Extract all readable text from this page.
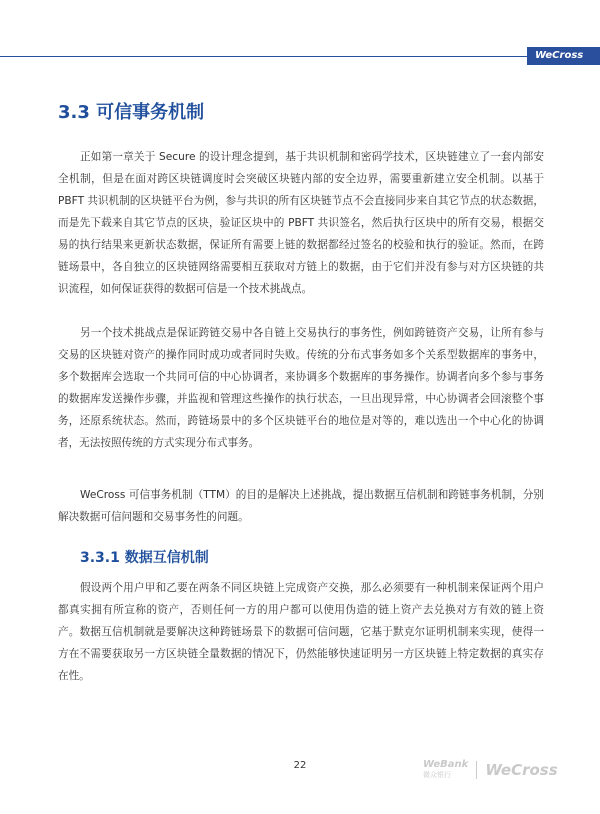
WeCross
3.3 可信事务机制

正如第一章关于 Secure 的设计理念提到，基于共识机制和密码学技术，区块链建立了一套内部安全机制，但是在面对跨区块链调度时会突破区块链内部的安全边界，需要重新建立安全机制。以基于 PBFT 共识机制的区块链平台为例，参与共识的所有区块链节点不会直接同步来自其它节点的状态数据，而是先下载来自其它节点的区块，验证区块中的 PBFT 共识签名，然后执行区块中的所有交易，根据交易的执行结果来更新状态数据，保证所有需要上链的数据都经过签名的校验和执行的验证。然而，在跨链场景中，各自独立的区块链网络需要相互获取对方链上的数据，由于它们并没有参与对方区块链的共识流程，如何保证获得的数据可信是一个技术挑战点。

另一个技术挑战点是保证跨链交易中各自链上交易执行的事务性，例如跨链资产交易，让所有参与交易的区块链对资产的操作同时成功或者同时失败。传统的分布式事务如多个关系型数据库的事务中，多个数据库会选取一个共同可信的中心协调者，来协调多个数据库的事务操作。协调者向多个参与事务的数据库发送操作步骤，并监视和管理这些操作的执行状态，一旦出现异常，中心协调者会回滚整个事务，还原系统状态。然而，跨链场景中的多个区块链平台的地位是对等的，难以选出一个中心化的协调者，无法按照传统的方式实现分布式事务。

WeCross 可信事务机制（TTM）的目的是解决上述挑战，提出数据互信机制和跨链事务机制，分别解决数据可信问题和交易事务性的问题。

3.3.1 数据互信机制

假设两个用户甲和乙要在两条不同区块链上完成资产交换，那么必须要有一种机制来保证两个用户都真实拥有所宣称的资产，否则任何一方的用户都可以使用伪造的链上资产去兑换对方有效的链上资产。数据互信机制就是要解决这种跨链场景下的数据可信问题，它基于默克尔证明机制来实现，使得一方在不需要获取另一方区块链全量数据的情况下，仍然能够快速证明另一方区块链上特定数据的真实存在性。

22	WeBank
微众银行	WeCross
